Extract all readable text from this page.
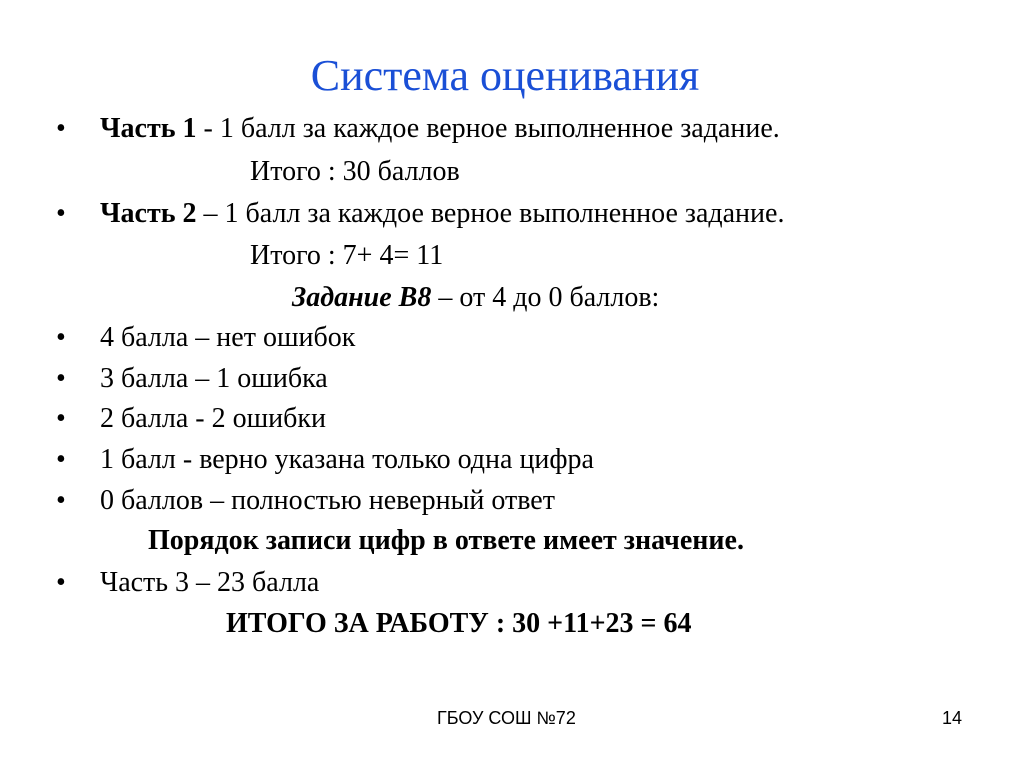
Система оценивания
• Часть 1 - 1 балл за каждое верное выполненное задание.
Итого : 30 баллов
• Часть 2 – 1 балл за каждое верное выполненное задание.
Итого : 7+ 4= 11
Задание В8 – от 4 до 0 баллов:
• 4 балла – нет ошибок
• 3 балла – 1 ошибка
• 2 балла - 2 ошибки
• 1 балл - верно указана только одна цифра
• 0 баллов – полностью неверный ответ
Порядок записи цифр в ответе имеет значение.
• Часть 3 – 23 балла
ИТОГО ЗА РАБОТУ : 30 +11+23 = 64
ГБОУ СОШ №72	14
